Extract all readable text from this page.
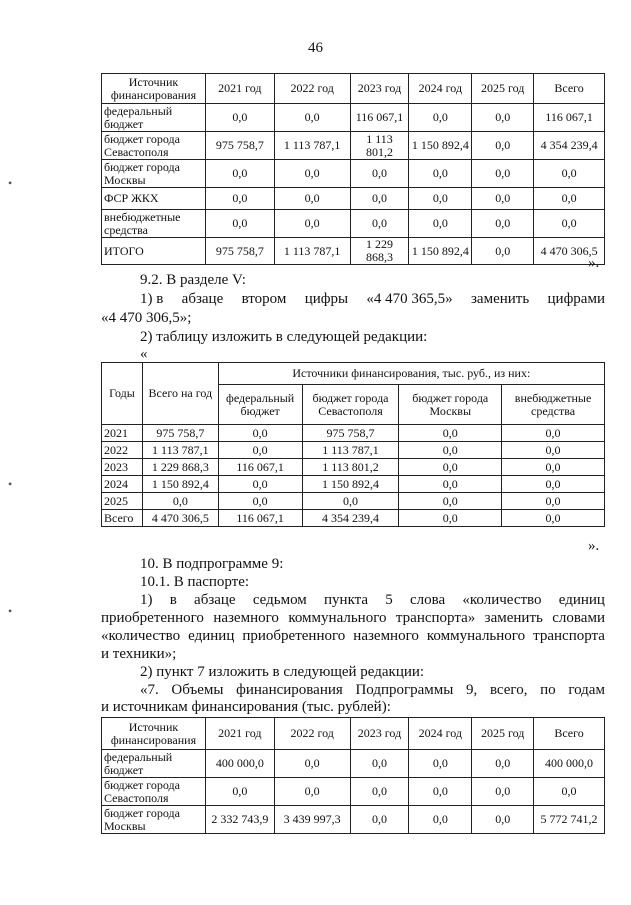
46
•
•
•
Источник финансирования	2021 год	2022 год	2023 год	2024 год	2025 год	Всего
федеральный бюджет	0,0	0,0	116 067,1	0,0	0,0	116 067,1
бюджет города Севастополя	975 758,7	1 113 787,1	1 113 801,2	1 150 892,4	0,0	4 354 239,4
бюджет города Москвы	0,0	0,0	0,0	0,0	0,0	0,0
ФСР ЖКХ	0,0	0,0	0,0	0,0	0,0	0,0
внебюджетные средства	0,0	0,0	0,0	0,0	0,0	0,0
ИТОГО	975 758,7	1 113 787,1	1 229 868,3	1 150 892,4	0,0	4 470 306,5
».
9.2. В разделе V:
1) в абзаце втором цифры «4 470 365,5» заменить цифрами
«4 470 306,5»;
2) таблицу изложить в следующей редакции:
«
Годы	Всего на год	Источники финансирования, тыс. руб., из них:			
		федеральный бюджет	бюджет города Севастополя	бюджет города Москвы	внебюджетные средства
2021	975 758,7	0,0	975 758,7	0,0	0,0
2022	1 113 787,1	0,0	1 113 787,1	0,0	0,0
2023	1 229 868,3	116 067,1	1 113 801,2	0,0	0,0
2024	1 150 892,4	0,0	1 150 892,4	0,0	0,0
2025	0,0	0,0	0,0	0,0	0,0
Всего	4 470 306,5	116 067,1	4 354 239,4	0,0	0,0
».
10. В подпрограмме 9:
10.1. В паспорте:
1) в абзаце седьмом пункта 5 слова «количество единиц
приобретенного наземного коммунального транспорта» заменить словами
«количество единиц приобретенного наземного коммунального транспорта
и техники»;
2) пункт 7 изложить в следующей редакции:
«7. Объемы финансирования Подпрограммы 9, всего, по годам
и источникам финансирования (тыс. рублей):
Источник финансирования	2021 год	2022 год	2023 год	2024 год	2025 год	Всего
федеральный бюджет	400 000,0	0,0	0,0	0,0	0,0	400 000,0
бюджет города Севастополя	0,0	0,0	0,0	0,0	0,0	0,0
бюджет города Москвы	2 332 743,9	3 439 997,3	0,0	0,0	0,0	5 772 741,2
